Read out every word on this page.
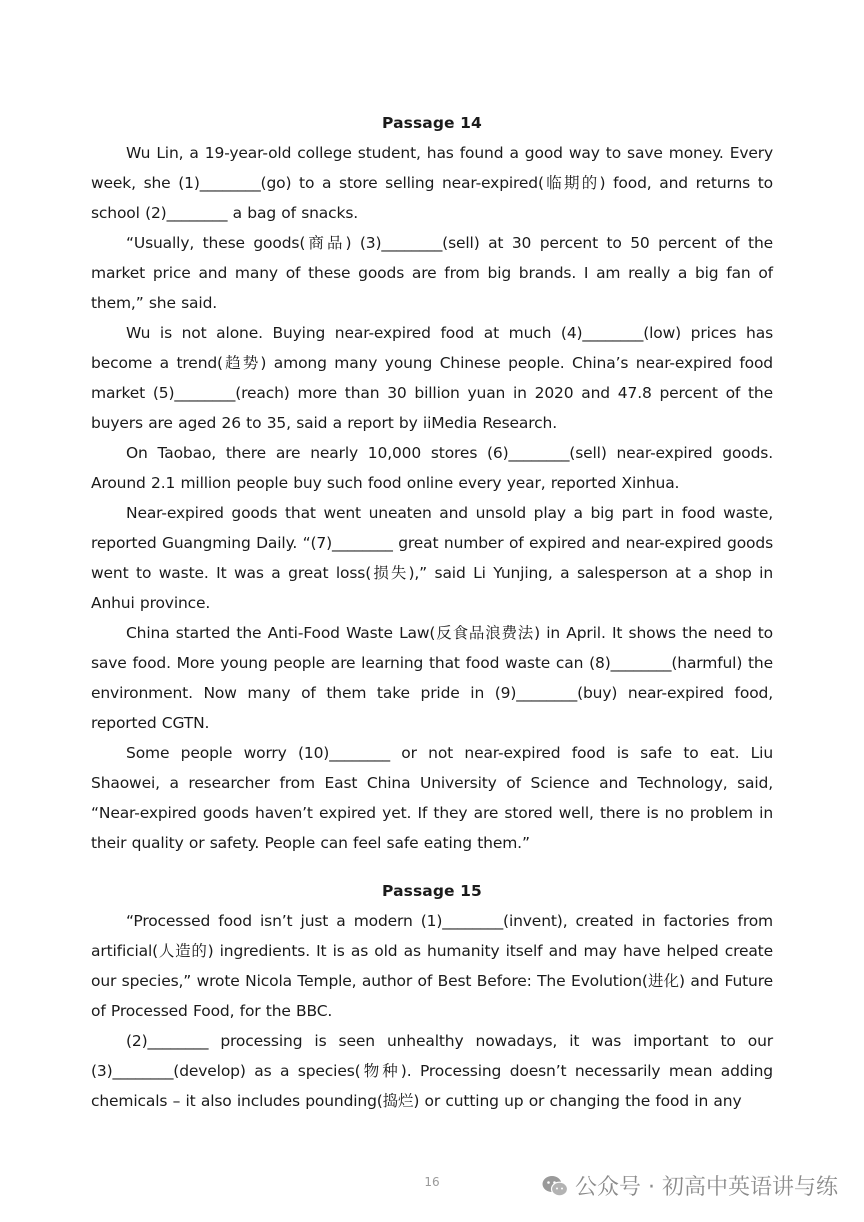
Passage 14

Wu Lin, a 19-year-old college student, has found a good way to save money. Every week, she (1)________(go) to a store selling near-expired(临期的) food, and returns to school (2)________ a bag of snacks.

“Usually, these goods(商品) (3)________(sell) at 30 percent to 50 percent of the market price and many of these goods are from big brands. I am really a big fan of them,” she said.

Wu is not alone. Buying near-expired food at much (4)________(low) prices has become a trend(趋势) among many young Chinese people. China’s near-expired food market (5)________(reach) more than 30 billion yuan in 2020 and 47.8 percent of the buyers are aged 26 to 35, said a report by iiMedia Research.

On Taobao, there are nearly 10,000 stores (6)________(sell) near-expired goods. Around 2.1 million people buy such food online every year, reported Xinhua.

Near-expired goods that went uneaten and unsold play a big part in food waste, reported Guangming Daily. “(7)________ great number of expired and near-expired goods went to waste. It was a great loss(损失),” said Li Yunjing, a salesperson at a shop in Anhui province.

China started the Anti-Food Waste Law(反食品浪费法) in April. It shows the need to save food. More young people are learning that food waste can (8)________(harmful) the environment. Now many of them take pride in (9)________(buy) near-expired food, reported CGTN.

Some people worry (10)________ or not near-expired food is safe to eat. Liu Shaowei, a researcher from East China University of Science and Technology, said, “Near-expired goods haven’t expired yet. If they are stored well, there is no problem in their quality or safety. People can feel safe eating them.”

Passage 15

“Processed food isn’t just a modern (1)________(invent), created in factories from artificial(人造的) ingredients. It is as old as humanity itself and may have helped create our species,” wrote Nicola Temple, author of Best Before: The Evolution(进化) and Future of Processed Food, for the BBC.

(2)________ processing is seen unhealthy nowadays, it was important to our (3)________(develop) as a species(物种). Processing doesn’t necessarily mean adding chemicals – it also includes pounding(捣烂) or cutting up or changing the food in any

16	公众号 · 初高中英语讲与练
